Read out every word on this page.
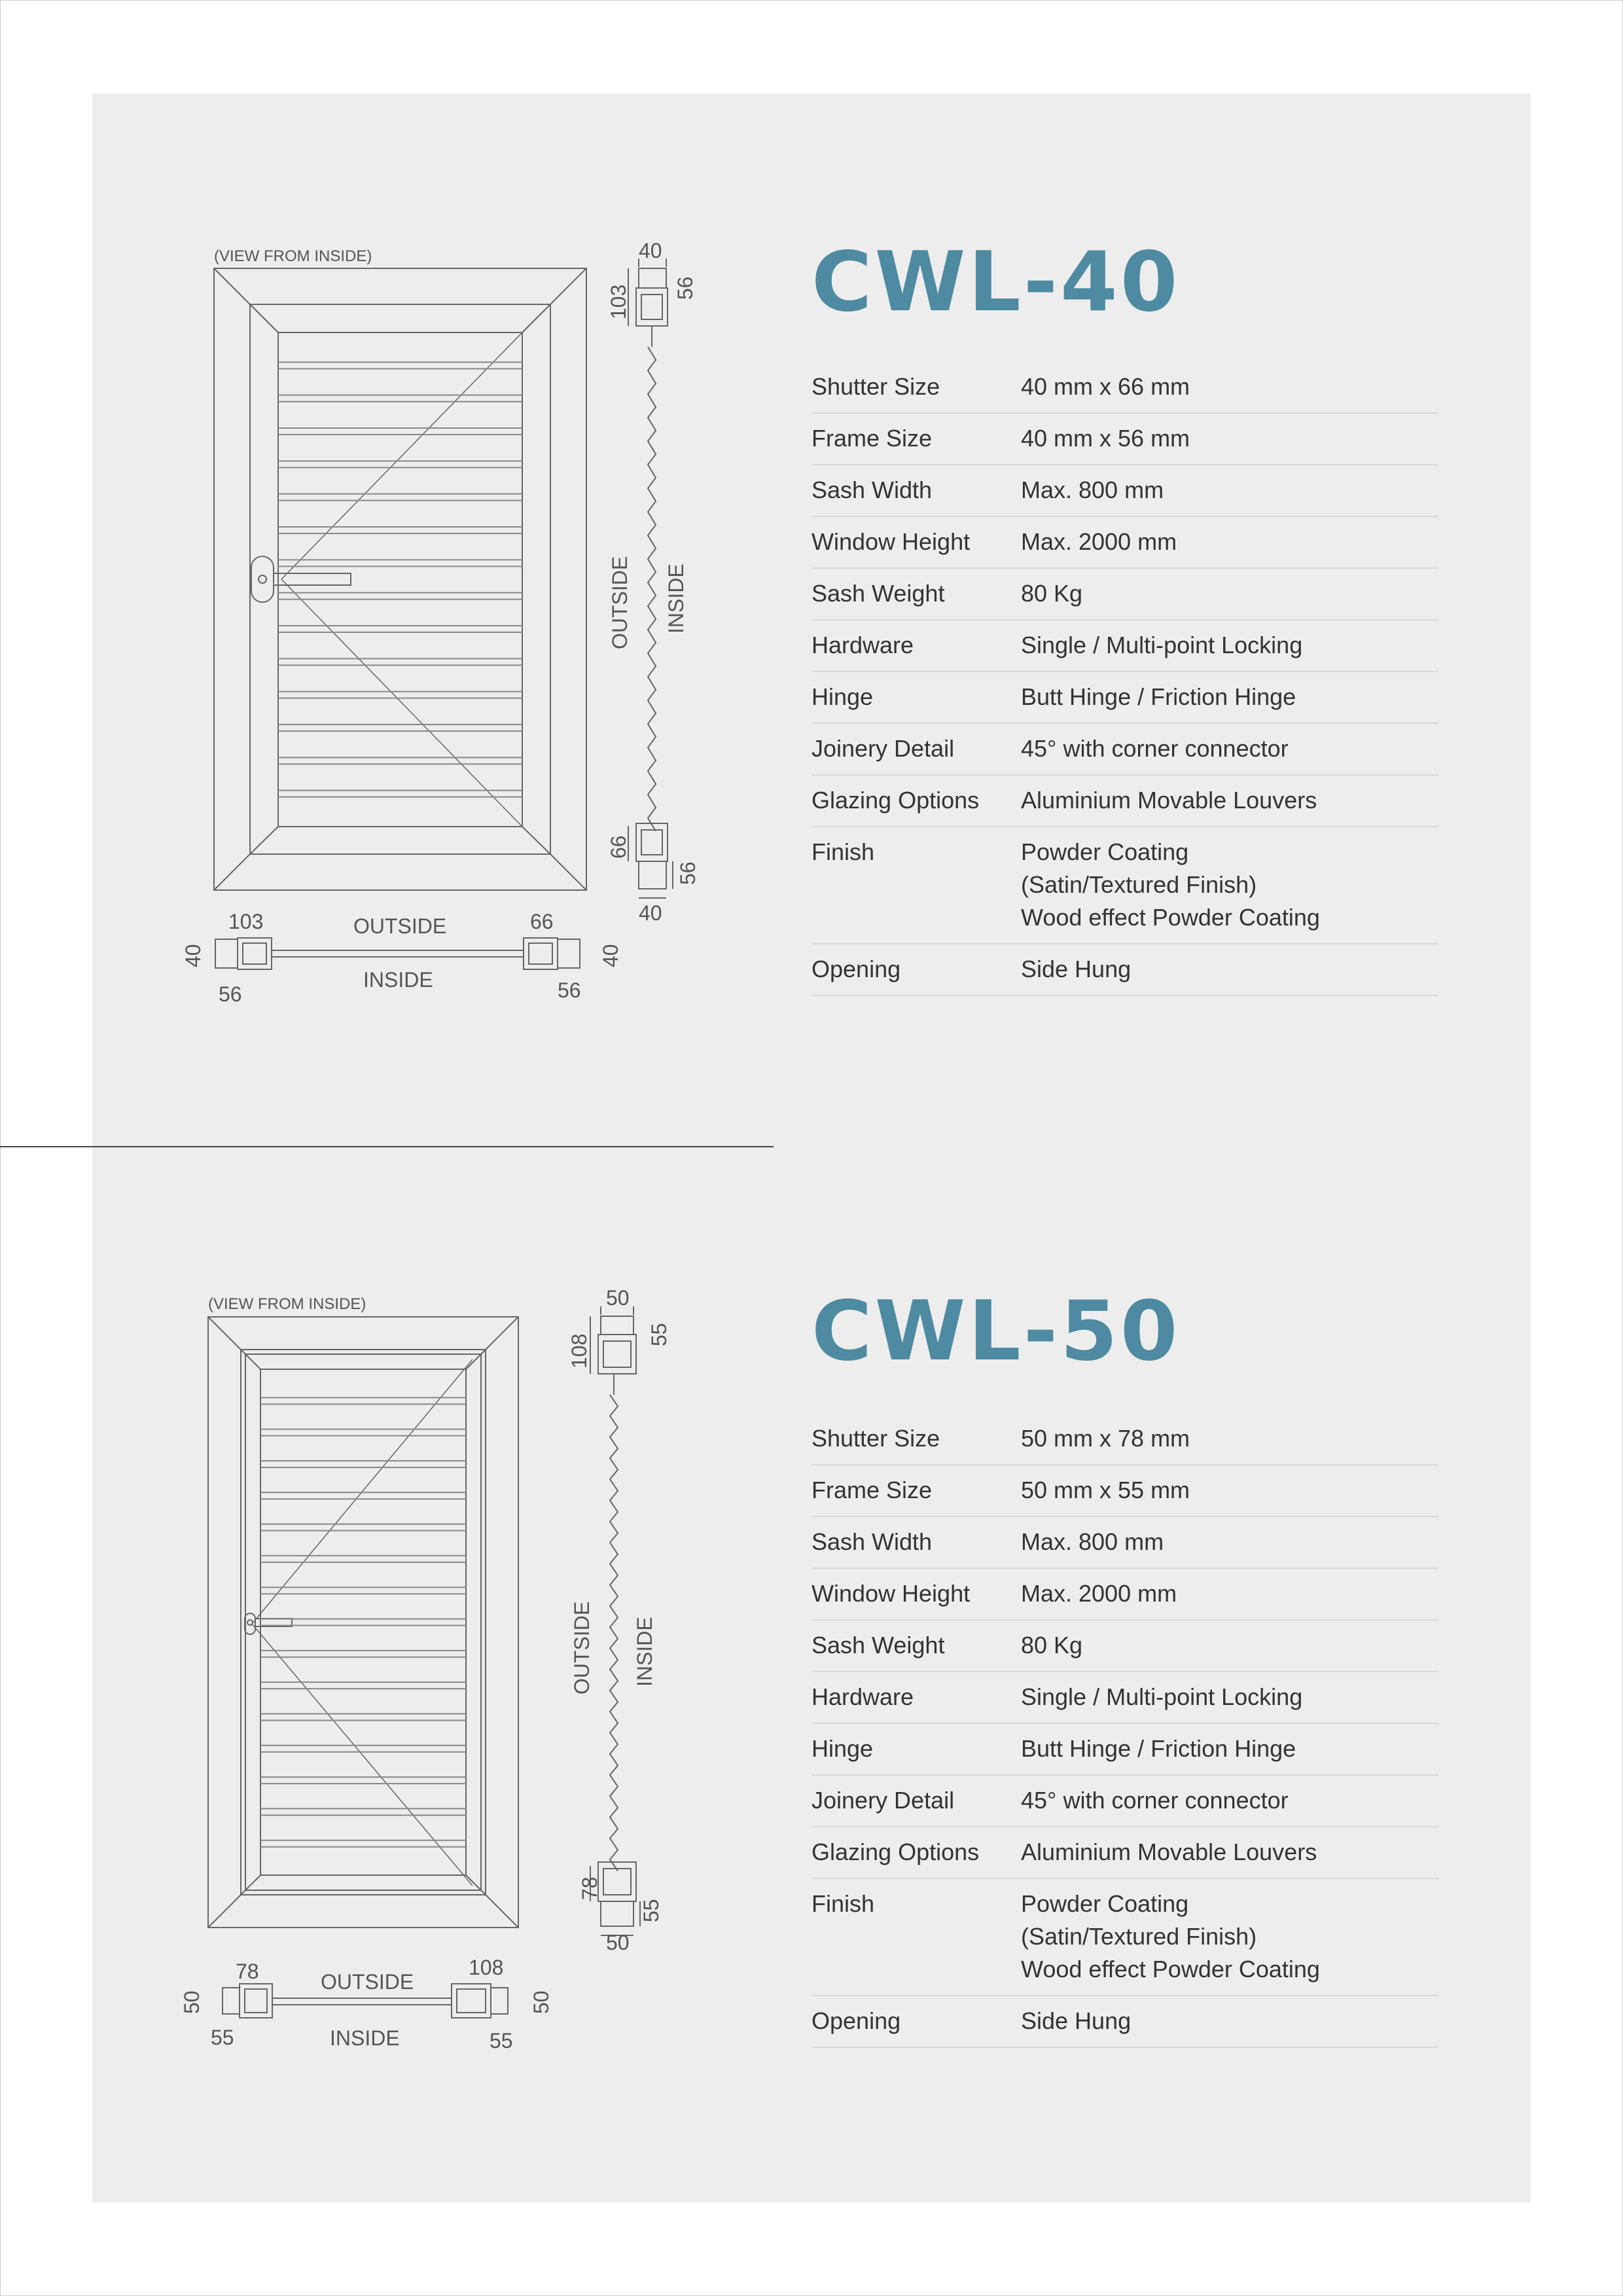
(VIEW FROM INSIDE)	40
103 56
OUTSIDE INSIDE
66
56
40
103
40
56
OUTSIDE
INSIDE
66
40
56
CWL-40
Shutter Size	40 mm x 66 mm
Frame Size	40 mm x 56 mm
Sash Width	Max. 800 mm
Window Height	Max. 2000 mm
Sash Weight	80 Kg
Hardware	Single / Multi-point Locking
Hinge	Butt Hinge / Friction Hinge
Joinery Detail	45° with corner connector
Glazing Options	Aluminium Movable Louvers
Finish	Powder Coating
(Satin/Textured Finish)
Wood effect Powder Coating
Opening	Side Hung
(VIEW FROM INSIDE)	50
108	55
OUTSIDE INSIDE
78
55
50
78
50
55
OUTSIDE
INSIDE
108
50
55
CWL-50
Shutter Size	50 mm x 78 mm
Frame Size	50 mm x 55 mm
Sash Width	Max. 800 mm
Window Height	Max. 2000 mm
Sash Weight	80 Kg
Hardware	Single / Multi-point Locking
Hinge	Butt Hinge / Friction Hinge
Joinery Detail	45° with corner connector
Glazing Options	Aluminium Movable Louvers
Finish	Powder Coating
(Satin/Textured Finish)
Wood effect Powder Coating
Opening	Side Hung
